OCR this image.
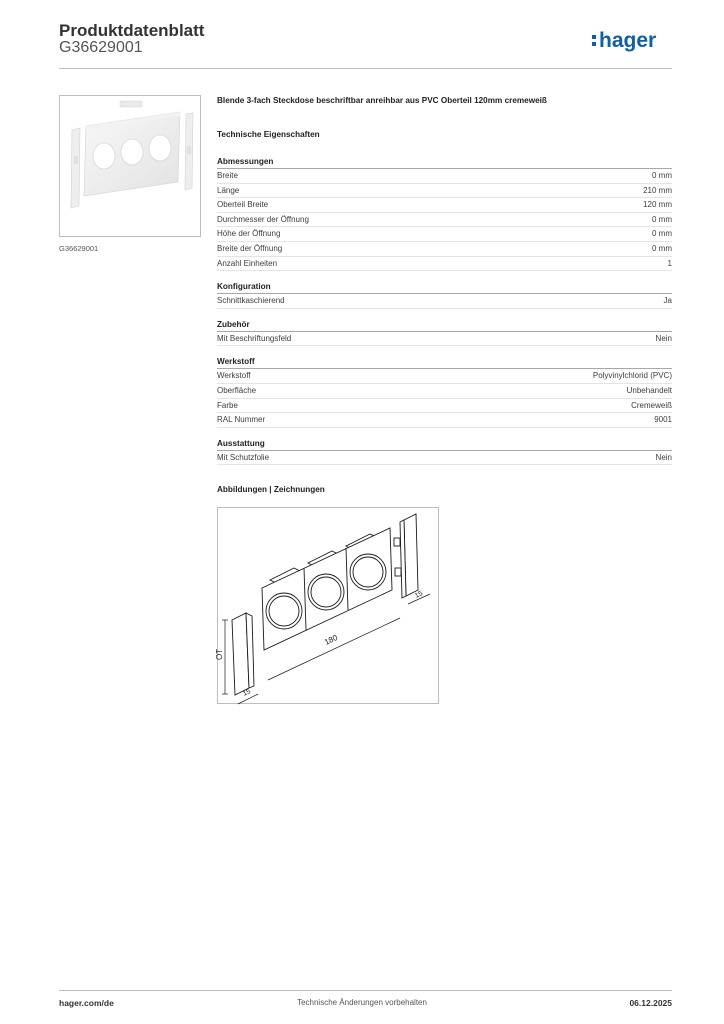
Produktdatenblatt
G36629001	hager
G36629001
Blende 3-fach Steckdose beschriftbar anreihbar aus PVC Oberteil 120mm cremeweiß
Technische Eigenschaften
Abmessungen
Breite	0 mm
Länge	210 mm
Oberteil Breite	120 mm
Durchmesser der Öffnung	0 mm
Höhe der Öffnung	0 mm
Breite der Öffnung	0 mm
Anzahl Einheiten	1
Konfiguration
Schnittkaschierend	Ja
Zubehör
Mit Beschriftungsfeld	Nein
Werkstoff
Werkstoff	Polyvinylchlorid (PVC)
Oberfläche	Unbehandelt
Farbe	Cremeweiß
RAL Nummer	9001
Ausstattung
Mit Schutzfolie	Nein
Abbildungen | Zeichnungen
OT
180
15
15
hager.com/de	Technische Änderungen vorbehalten	06.12.2025
